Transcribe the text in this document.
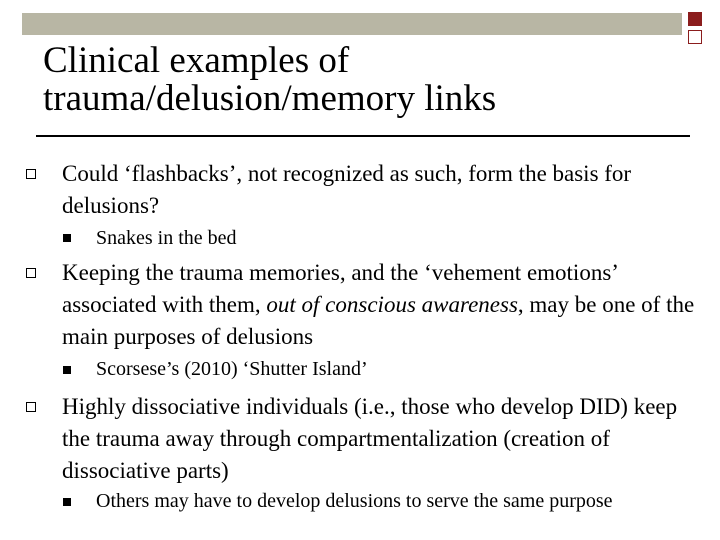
Clinical examples of trauma/delusion/memory links
Could ‘flashbacks’, not recognized as such, form the basis for delusions?
Snakes in the bed
Keeping the trauma memories, and the ‘vehement emotions’ associated with them, out of conscious awareness, may be one of the main purposes of delusions
Scorsese’s (2010) ‘Shutter Island’
Highly dissociative individuals (i.e., those who develop DID) keep the trauma away through compartmentalization (creation of dissociative parts)
Others may have to develop delusions to serve the same purpose
